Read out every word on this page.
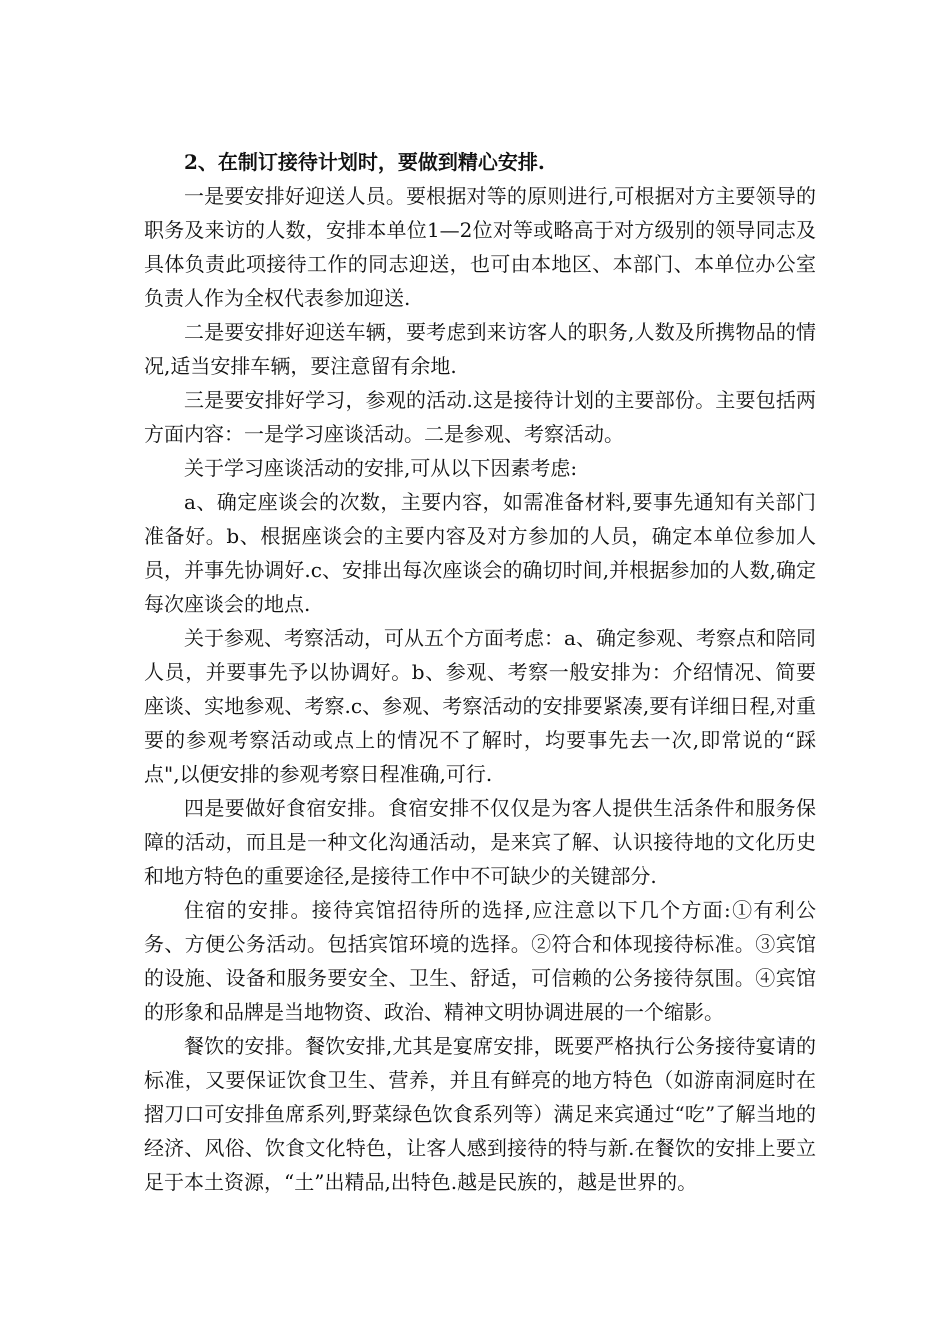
2、在制订接待计划时，要做到精心安排.

一是要安排好迎送人员。要根据对等的原则进行,可根据对方主要领导的职务及来访的人数，安排本单位1—2位对等或略高于对方级别的领导同志及具体负责此项接待工作的同志迎送，也可由本地区、本部门、本单位办公室负责人作为全权代表参加迎送.

二是要安排好迎送车辆，要考虑到来访客人的职务,人数及所携物品的情况,适当安排车辆，要注意留有余地.

三是要安排好学习，参观的活动.这是接待计划的主要部份。主要包括两方面内容：一是学习座谈活动。二是参观、考察活动。

关于学习座谈活动的安排,可从以下因素考虑:

a、确定座谈会的次数，主要内容，如需准备材料,要事先通知有关部门准备好。b、根据座谈会的主要内容及对方参加的人员，确定本单位参加人员，并事先协调好.c、安排出每次座谈会的确切时间,并根据参加的人数,确定每次座谈会的地点.

关于参观、考察活动，可从五个方面考虑：a、确定参观、考察点和陪同人员，并要事先予以协调好。b、参观、考察一般安排为：介绍情况、简要座谈、实地参观、考察.c、参观、考察活动的安排要紧凑,要有详细日程,对重要的参观考察活动或点上的情况不了解时，均要事先去一次,即常说的“踩点",以便安排的参观考察日程准确,可行.

四是要做好食宿安排。食宿安排不仅仅是为客人提供生活条件和服务保障的活动，而且是一种文化沟通活动，是来宾了解、认识接待地的文化历史和地方特色的重要途径,是接待工作中不可缺少的关键部分.

住宿的安排。接待宾馆招待所的选择,应注意以下几个方面:①有利公务、方便公务活动。包括宾馆环境的选择。②符合和体现接待标准。③宾馆的设施、设备和服务要安全、卫生、舒适，可信赖的公务接待氛围。④宾馆的形象和品牌是当地物资、政治、精神文明协调进展的一个缩影。

餐饮的安排。餐饮安排,尤其是宴席安排，既要严格执行公务接待宴请的标准，又要保证饮食卫生、营养，并且有鲜亮的地方特色（如游南洞庭时在摺刀口可安排鱼席系列,野菜绿色饮食系列等）满足来宾通过“吃”了解当地的经济、风俗、饮食文化特色，让客人感到接待的特与新.在餐饮的安排上要立足于本土资源，“土”出精品,出特色.越是民族的，越是世界的。
